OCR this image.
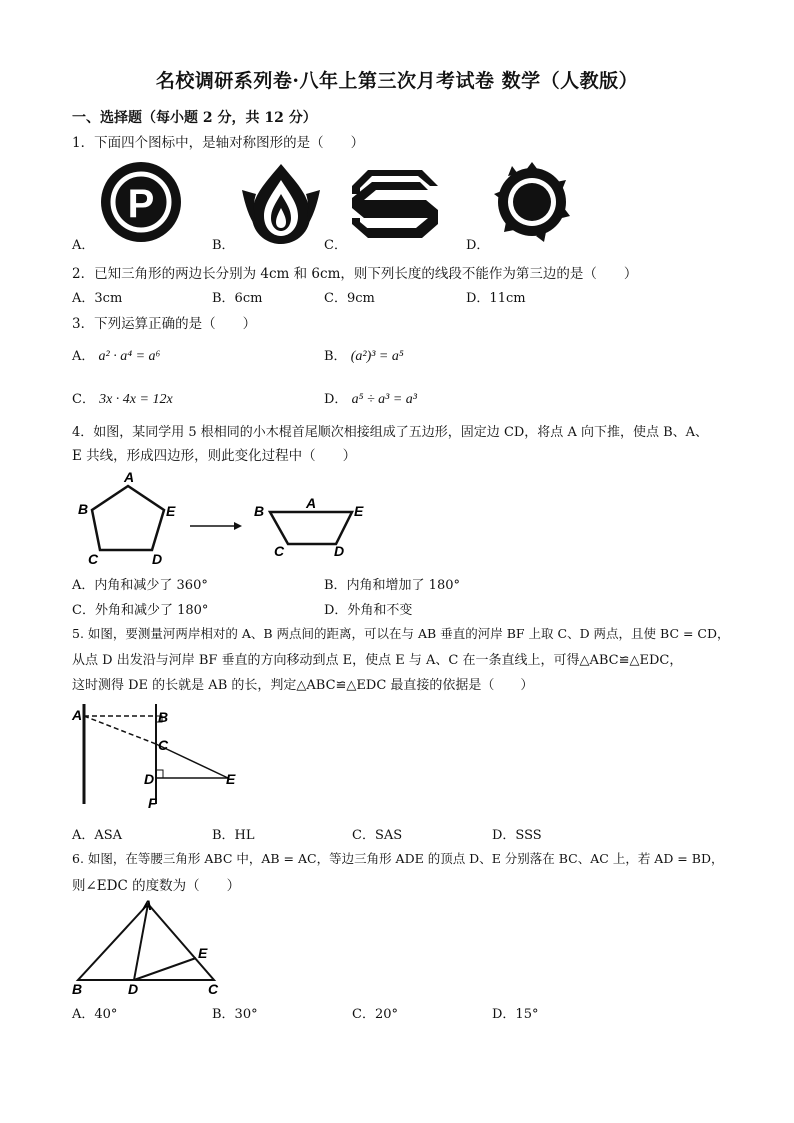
名校调研系列卷·八年上第三次月考试卷 数学（人教版）
一、选择题（每小题 2 分，共 12 分）
1．下面四个图标中，是轴对称图形的是（　　）
P
A．	B．	C．	D．
2．已知三角形的两边长分别为 4cm 和 6cm，则下列长度的线段不能作为第三边的是（　　）
A．3cm	B．6cm	C．9cm	D．11cm
3．下列运算正确的是（　　）
A． a² · a⁴ = a⁶	B． (a²)³ = a⁵
C． 3x · 4x = 12x	D． a⁵ ÷ a³ = a³
4．如图，某同学用 5 根相同的小木棍首尾顺次相接组成了五边形，固定边 CD，将点 A 向下推，使点 B、A、
E 共线，形成四边形，则此变化过程中（　　）
A
B	E
C	D
A
B	E
C	D
A．内角和减少了 360°	B．内角和增加了 180°
C．外角和减少了 180°	D．外角和不变
5. 如图，要测量河两岸相对的 A、B 两点间的距离，可以在与 AB 垂直的河岸 BF 上取 C、D 两点，且使 BC = CD，
从点 D 出发沿与河岸 BF 垂直的方向移动到点 E，使点 E 与 A、C 在一条直线上，可得△ABC≌△EDC，
这时测得 DE 的长就是 AB 的长，判定△ABC≌△EDC 最直接的依据是（　　）
A	B
C
D	E
F
A．ASA	B．HL	C．SAS	D．SSS
6. 如图，在等腰三角形 ABC 中，AB = AC，等边三角形 ADE 的顶点 D、E 分别落在 BC、AC 上，若 AD = BD，
则∠EDC 的度数为（　　）
A
B	D	C
E
A．40°	B．30°	C．20°	D．15°
